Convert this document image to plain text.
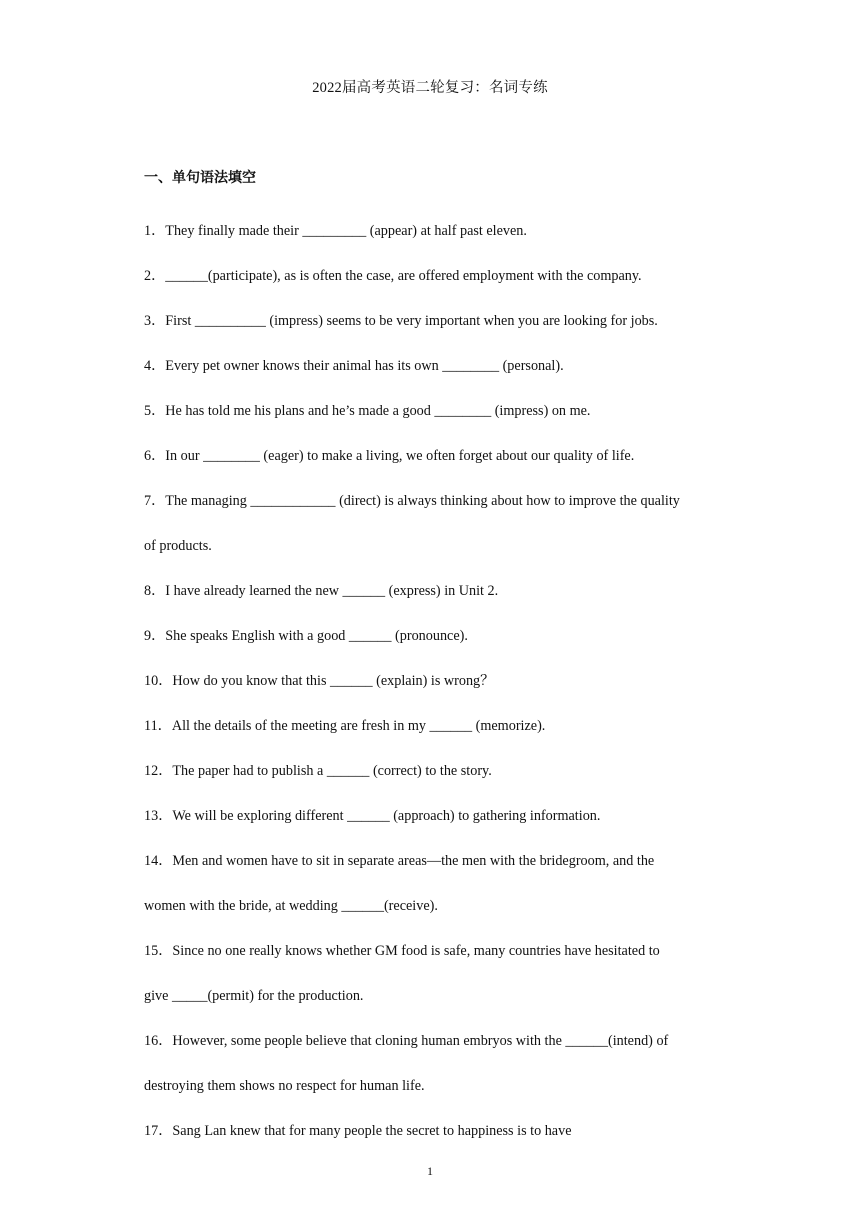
2022届高考英语二轮复习：名词专练
一、单句语法填空
1．They finally made their _________ (appear) at half past eleven.
2．______(participate), as is often the case, are offered employment with the company.
3．First __________ (impress) seems to be very important when you are looking for jobs.
4．Every pet owner knows their animal has its own ________ (personal).
5．He has told me his plans and he’s made a good ________ (impress) on me.
6．In our ________ (eager) to make a living, we often forget about our quality of life.
7．The managing ____________ (direct) is always thinking about how to improve the quality
of products.
8．I have already learned the new ______ (express) in Unit 2.
9．She speaks English with a good ______ (pronounce).
10．How do you know that this ______ (explain) is wrong？
11．All the details of the meeting are fresh in my ______ (memorize).
12．The paper had to publish a ______ (correct) to the story.
13．We will be exploring different ______ (approach) to gathering information.
14．Men and women have to sit in separate areas—the men with the bridegroom, and the
women with the bride, at wedding ______(receive).
15．Since no one really knows whether GM food is safe, many countries have hesitated to
give _____(permit) for the production.
16．However, some people believe that cloning human embryos with the ______(intend) of
destroying them shows no respect for human life.
17．Sang Lan knew that for many people the secret to happiness is to have
1
